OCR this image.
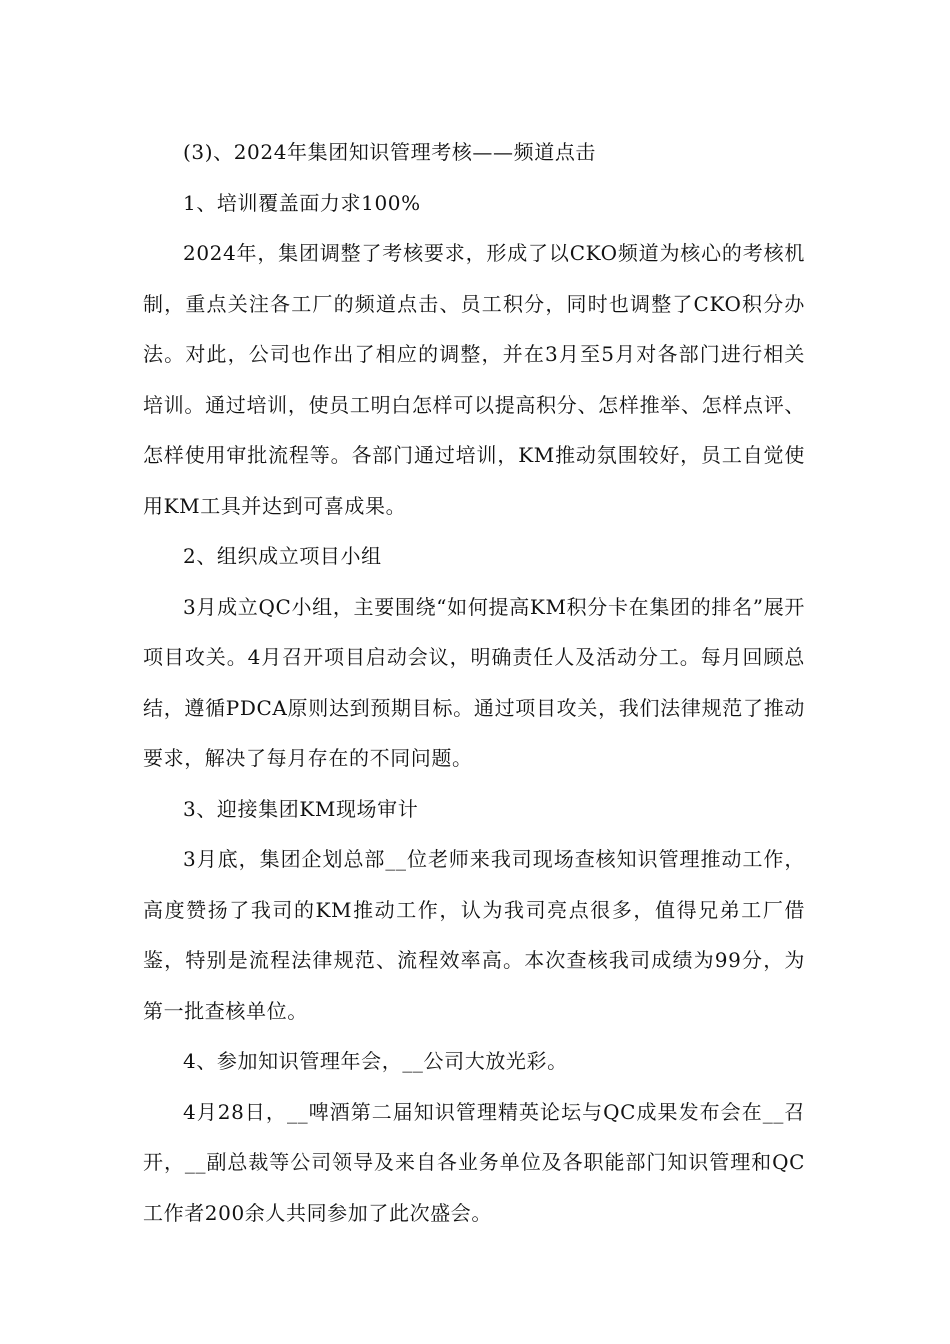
(3)、2024年集团知识管理考核——频道点击

1、培训覆盖面力求100%

2024年，集团调整了考核要求，形成了以CKO频道为核心的考核机制，重点关注各工厂的频道点击、员工积分，同时也调整了CKO积分办法。对此，公司也作出了相应的调整，并在3月至5月对各部门进行相关培训。通过培训，使员工明白怎样可以提高积分、怎样推举、怎样点评、怎样使用审批流程等。各部门通过培训，KM推动氛围较好，员工自觉使用KM工具并达到可喜成果。

2、组织成立项目小组

3月成立QC小组，主要围绕“如何提高KM积分卡在集团的排名”展开项目攻关。4月召开项目启动会议，明确责任人及活动分工。每月回顾总结，遵循PDCA原则达到预期目标。通过项目攻关，我们法律规范了推动要求，解决了每月存在的不同问题。

3、迎接集团KM现场审计

3月底，集团企划总部__位老师来我司现场查核知识管理推动工作，高度赞扬了我司的KM推动工作，认为我司亮点很多，值得兄弟工厂借鉴，特别是流程法律规范、流程效率高。本次查核我司成绩为99分，为第一批查核单位。

4、参加知识管理年会，__公司大放光彩。

4月28日，__啤酒第二届知识管理精英论坛与QC成果发布会在__召开，__副总裁等公司领导及来自各业务单位及各职能部门知识管理和QC工作者200余人共同参加了此次盛会。
